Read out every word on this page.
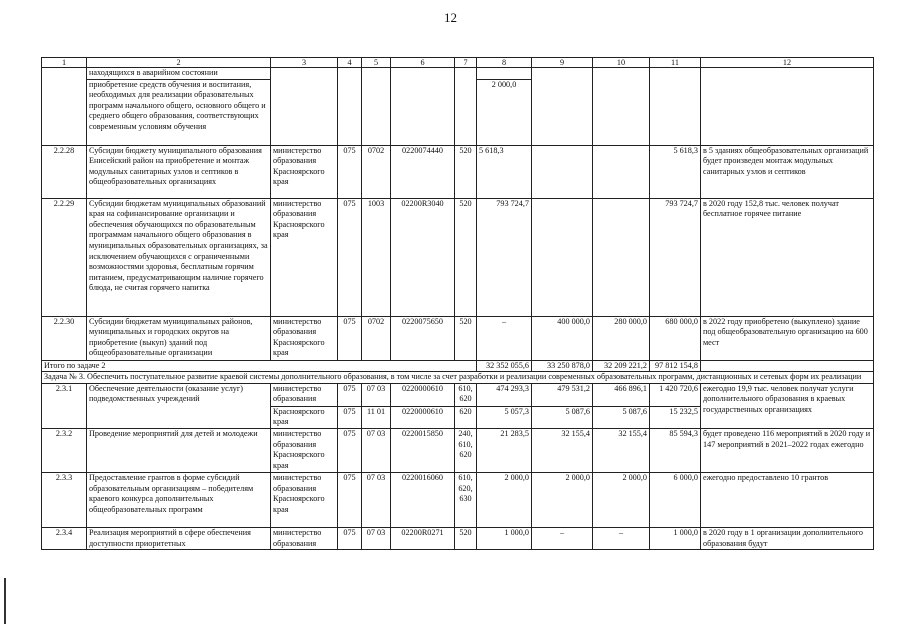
12
1	2	3	4	5	6	7	8	9	10	11	12
	находящихся в аварийном состоянии										
	приобретение средств обучения и воспитания, необходимых для реализации образовательных программ начального общего, основного общего и среднего общего образования, соответствующих современным условиям обучения						2 000,0				
2.2.28	Субсидии бюджету муниципального образования Енисейский район на приобретение и монтаж модульных санитарных узлов и септиков в общеобразовательных организациях	министерство образования Красноярского края	075	0702	0220074440	520	5 618,3			5 618,3	в 5 зданиях общеобразовательных организаций будет произведен монтаж модульных санитарных узлов и септиков
2.2.29	Субсидии бюджетам муниципальных образований края на софинансирование организации и обеспечения обучающихся по образовательным программам начального общего образования в муниципальных образовательных организациях, за исключением обучающихся с ограниченными возможностями здоровья, бесплатным горячим питанием, предусматривающим наличие горячего блюда, не считая горячего напитка	министерство образования Красноярского края	075	1003	02200R3040	520	793 724,7			793 724,7	в 2020 году 152,8 тыс. человек получат бесплатное горячее питание
2.2.30	Субсидии бюджетам муниципальных районов, муниципальных и городских округов на приобретение (выкуп) зданий под общеобразовательные организации	министерство образования Красноярского края	075	0702	0220075650	520	–	400 000,0	280 000,0	680 000,0	в 2022 году приобретено (выкуплено) здание под общеобразовательную организацию на 600 мест
Итого по задаче 2							32 352 055,6	33 250 878,0	32 209 221,2	97 812 154,8	
Задача № 3. Обеспечить поступательное развитие краевой системы дополнительного образования, в том числе за счет разработки и реализации современных образовательных программ, дистанционных и сетевых форм их реализации											
2.3.1	Обеспечение деятельности (оказание услуг) подведомственных учреждений	министерство образования	075	07 03	0220000610	610, 620	474 293,3	479 531,2	466 896,1	1 420 720,6	ежегодно 19,9 тыс. человек получат услуги дополнительного образования в краевых государственных организациях
		Красноярского края	075	11 01	0220000610	620	5 057,3	5 087,6	5 087,6	15 232,5	
2.3.2	Проведение мероприятий для детей и молодежи	министерство образования Красноярского края	075	07 03	0220015850	240, 610, 620	21 283,5	32 155,4	32 155,4	85 594,3	будет проведено 116 мероприятий в 2020 году и 147 мероприятий в 2021–2022 годах ежегодно
2.3.3	Предоставление грантов в форме субсидий образовательным организациям – победителям краевого конкурса дополнительных общеобразовательных программ	министерство образования Красноярского края	075	07 03	0220016060	610, 620, 630	2 000,0	2 000,0	2 000,0	6 000,0	ежегодно предоставлено 10 грантов
2.3.4	Реализация мероприятий в сфере обеспечения доступности приоритетных	министерство образования	075	07 03	02200R0271	520	1 000,0	–	–	1 000,0	в 2020 году в 1 организации дополнительного образования будут
